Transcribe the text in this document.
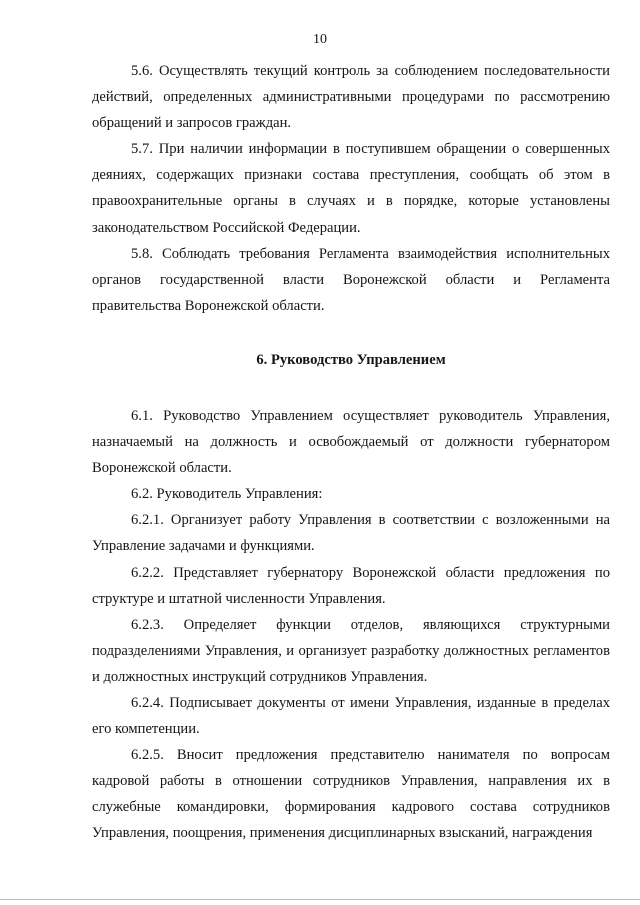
10

5.6. Осуществлять текущий контроль за соблюдением последовательности действий, определенных административными процедурами по рассмотрению обращений и запросов граждан.

5.7. При наличии информации в поступившем обращении о совершенных деяниях, содержащих признаки состава преступления, сообщать об этом в правоохранительные органы в случаях и в порядке, которые установлены законодательством Российской Федерации.

5.8. Соблюдать требования Регламента взаимодействия исполнительных органов государственной власти Воронежской области и Регламента правительства Воронежской области.

6. Руководство Управлением

6.1. Руководство Управлением осуществляет руководитель Управления, назначаемый на должность и освобождаемый от должности губернатором Воронежской области.

6.2. Руководитель Управления:

6.2.1. Организует работу Управления в соответствии с возложенными на Управление задачами и функциями.

6.2.2. Представляет губернатору Воронежской области предложения по структуре и штатной численности Управления.

6.2.3. Определяет функции отделов, являющихся структурными подразделениями Управления, и организует разработку должностных регламентов и должностных инструкций сотрудников Управления.

6.2.4. Подписывает документы от имени Управления, изданные в пределах его компетенции.

6.2.5. Вносит предложения представителю нанимателя по вопросам кадровой работы в отношении сотрудников Управления, направления их в служебные командировки, формирования кадрового состава сотрудников Управления, поощрения, применения дисциплинарных взысканий, награждения
